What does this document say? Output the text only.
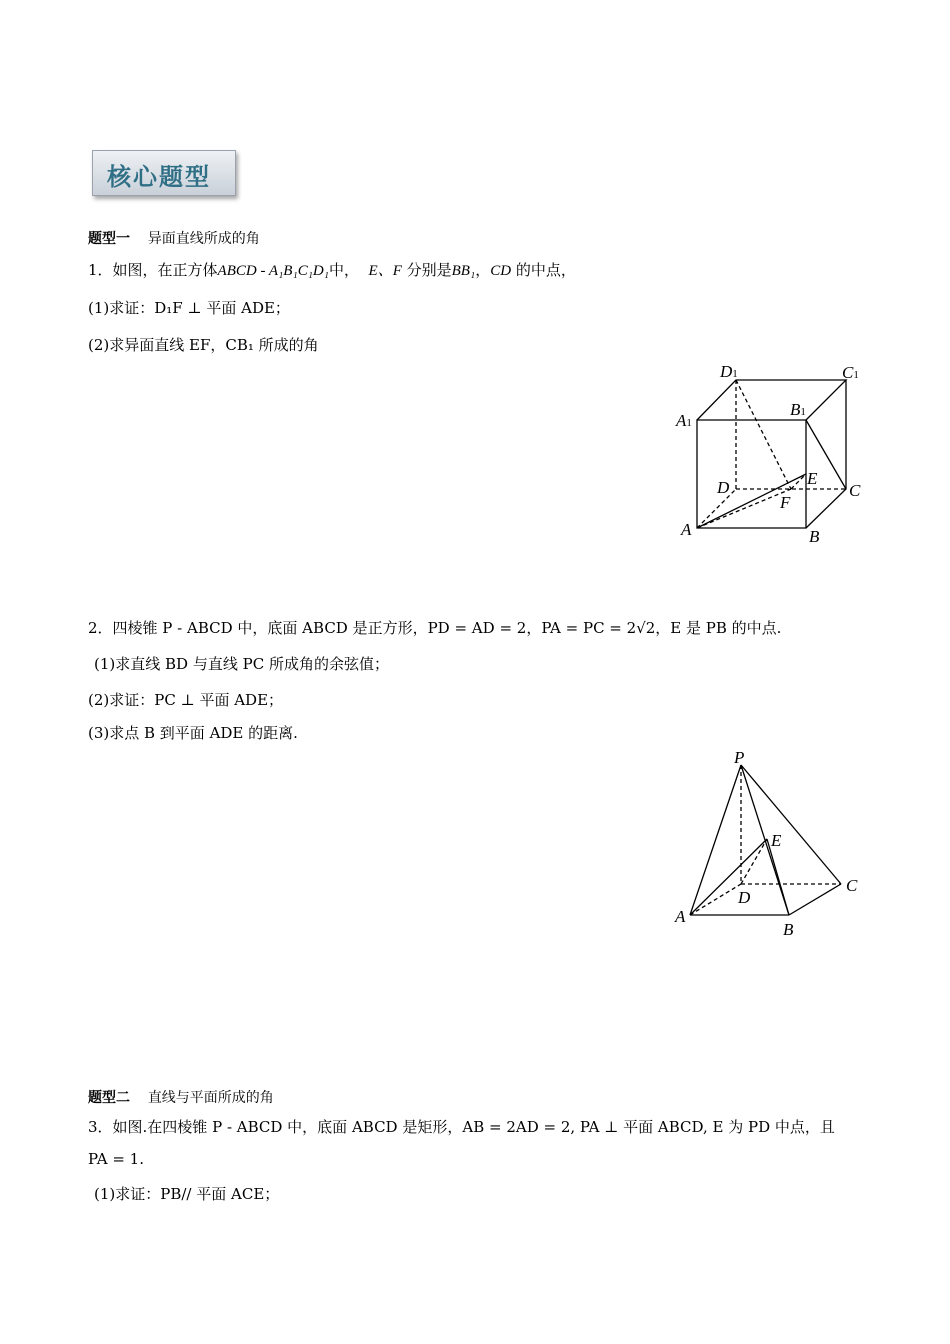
核心题型
题型一 异面直线所成的角
1．如图，在正方体ABCD - A₁B₁C₁D₁中， E、F 分别是BB₁，CD 的中点，
(1)求证：D₁F ⊥ 平面 ADE；
(2)求异面直线 EF，CB₁ 所成的角
D1	C1
A1
B1
D	E
F
C
A	B
2．四棱锥 P - ABCD 中，底面 ABCD 是正方形，PD = AD = 2，PA = PC = 2√2，E 是 PB 的中点.
(1)求直线 BD 与直线 PC 所成角的余弦值；
(2)求证：PC ⊥ 平面 ADE；
(3)求点 B 到平面 ADE 的距离.
P
E
D
C
A
B
题型二 直线与平面所成的角
3．如图.在四棱锥 P - ABCD 中，底面 ABCD 是矩形，AB = 2AD = 2, PA ⊥ 平面 ABCD, E 为 PD 中点，且
PA = 1.
(1)求证：PB// 平面 ACE；
